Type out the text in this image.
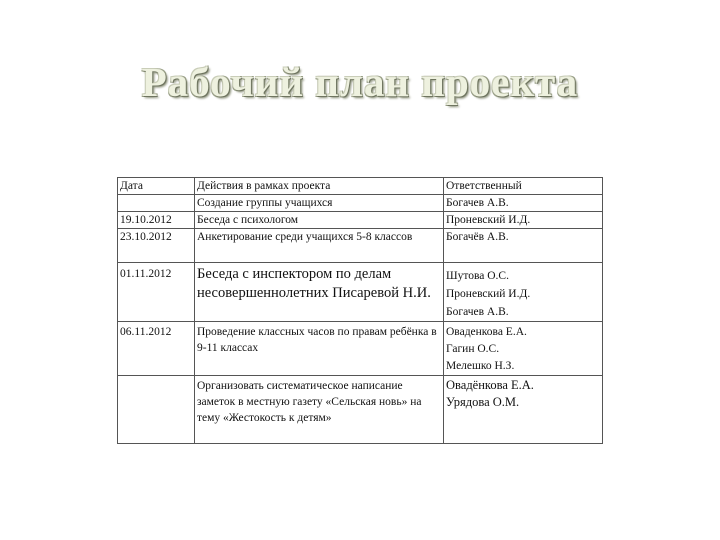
Рабочий план проекта
Дата	Действия в рамках проекта	Ответственный
	Создание группы учащихся	Богачев А.В.
19.10.2012	Беседа с психологом	Проневский И.Д.
23.10.2012	Анкетирование среди учащихся 5-8 классов	Богачёв А.В.
01.11.2012	Беседа с инспектором по делам несовершеннолетних Писаревой Н.И.	Шутова О.С.
Проневский И.Д.
Богачев А.В.

06.11.2012	Проведение классных часов по правам ребёнка в 9-11 классах	Оваденкова Е.А.
Гагин О.С.
Мелешко Н.З.

	Организовать систематическое написание заметок в местную газету «Сельская новь» на тему «Жестокость к детям»	Овадёнкова Е.А.
Урядова О.М.
